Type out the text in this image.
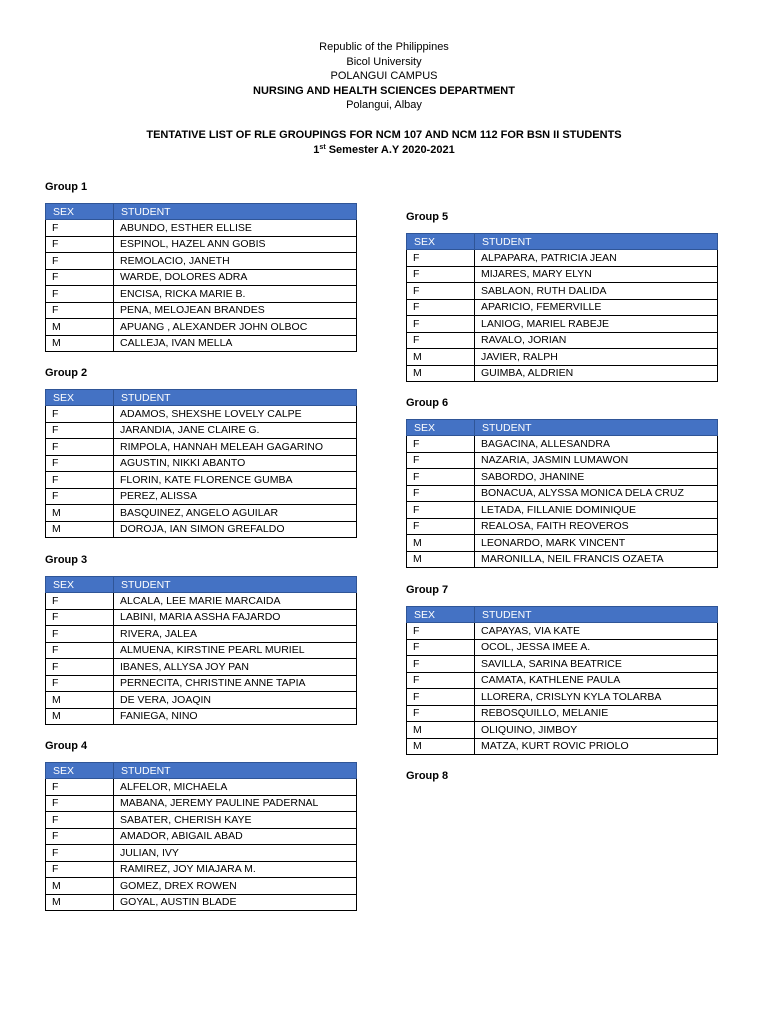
Republic of the Philippines
Bicol University
POLANGUI CAMPUS
NURSING AND HEALTH SCIENCES DEPARTMENT
Polangui, Albay
TENTATIVE LIST OF RLE GROUPINGS FOR NCM 107 AND NCM 112 FOR BSN II STUDENTS
1st Semester A.Y 2020-2021
Group 1
SEX	STUDENT
F	ABUNDO, ESTHER ELLISE
F	ESPINOL, HAZEL ANN GOBIS
F	REMOLACIO, JANETH
F	WARDE, DOLORES ADRA
F	ENCISA, RICKA MARIE B.
F	PENA, MELOJEAN BRANDES
M	APUANG , ALEXANDER JOHN OLBOC
M	CALLEJA, IVAN MELLA
Group 2
SEX	STUDENT
F	ADAMOS, SHEXSHE LOVELY CALPE
F	JARANDIA, JANE CLAIRE G.
F	RIMPOLA, HANNAH MELEAH GAGARINO
F	AGUSTIN, NIKKI ABANTO
F	FLORIN, KATE FLORENCE GUMBA
F	PEREZ, ALISSA
M	BASQUINEZ, ANGELO AGUILAR
M	DOROJA, IAN SIMON GREFALDO
Group 3
SEX	STUDENT
F	ALCALA, LEE MARIE MARCAIDA
F	LABINI, MARIA ASSHA FAJARDO
F	RIVERA, JALEA
F	ALMUENA, KIRSTINE PEARL MURIEL
F	IBANES, ALLYSA JOY PAN
F	PERNECITA, CHRISTINE ANNE TAPIA
M	DE VERA, JOAQIN
M	FANIEGA, NINO
Group 4
SEX	STUDENT
F	ALFELOR, MICHAELA
F	MABANA, JEREMY PAULINE PADERNAL
F	SABATER, CHERISH KAYE
F	AMADOR, ABIGAIL ABAD
F	JULIAN, IVY
F	RAMIREZ, JOY MIAJARA M.
M	GOMEZ, DREX ROWEN
M	GOYAL, AUSTIN BLADE
Group 5
SEX	STUDENT
F	ALPAPARA, PATRICIA JEAN
F	MIJARES, MARY ELYN
F	SABLAON, RUTH DALIDA
F	APARICIO, FEMERVILLE
F	LANIOG, MARIEL RABEJE
F	RAVALO, JORIAN
M	JAVIER, RALPH
M	GUIMBA, ALDRIEN
Group 6
SEX	STUDENT
F	BAGACINA, ALLESANDRA
F	NAZARIA, JASMIN LUMAWON
F	SABORDO, JHANINE
F	BONACUA, ALYSSA MONICA DELA CRUZ
F	LETADA, FILLANIE DOMINIQUE
F	REALOSA, FAITH REOVEROS
M	LEONARDO, MARK VINCENT
M	MARONILLA, NEIL FRANCIS OZAETA
Group 7
SEX	STUDENT
F	CAPAYAS, VIA KATE
F	OCOL, JESSA IMEE A.
F	SAVILLA, SARINA BEATRICE
F	CAMATA, KATHLENE PAULA
F	LLORERA, CRISLYN KYLA TOLARBA
F	REBOSQUILLO, MELANIE
M	OLIQUINO, JIMBOY
M	MATZA, KURT ROVIC PRIOLO
Group 8
